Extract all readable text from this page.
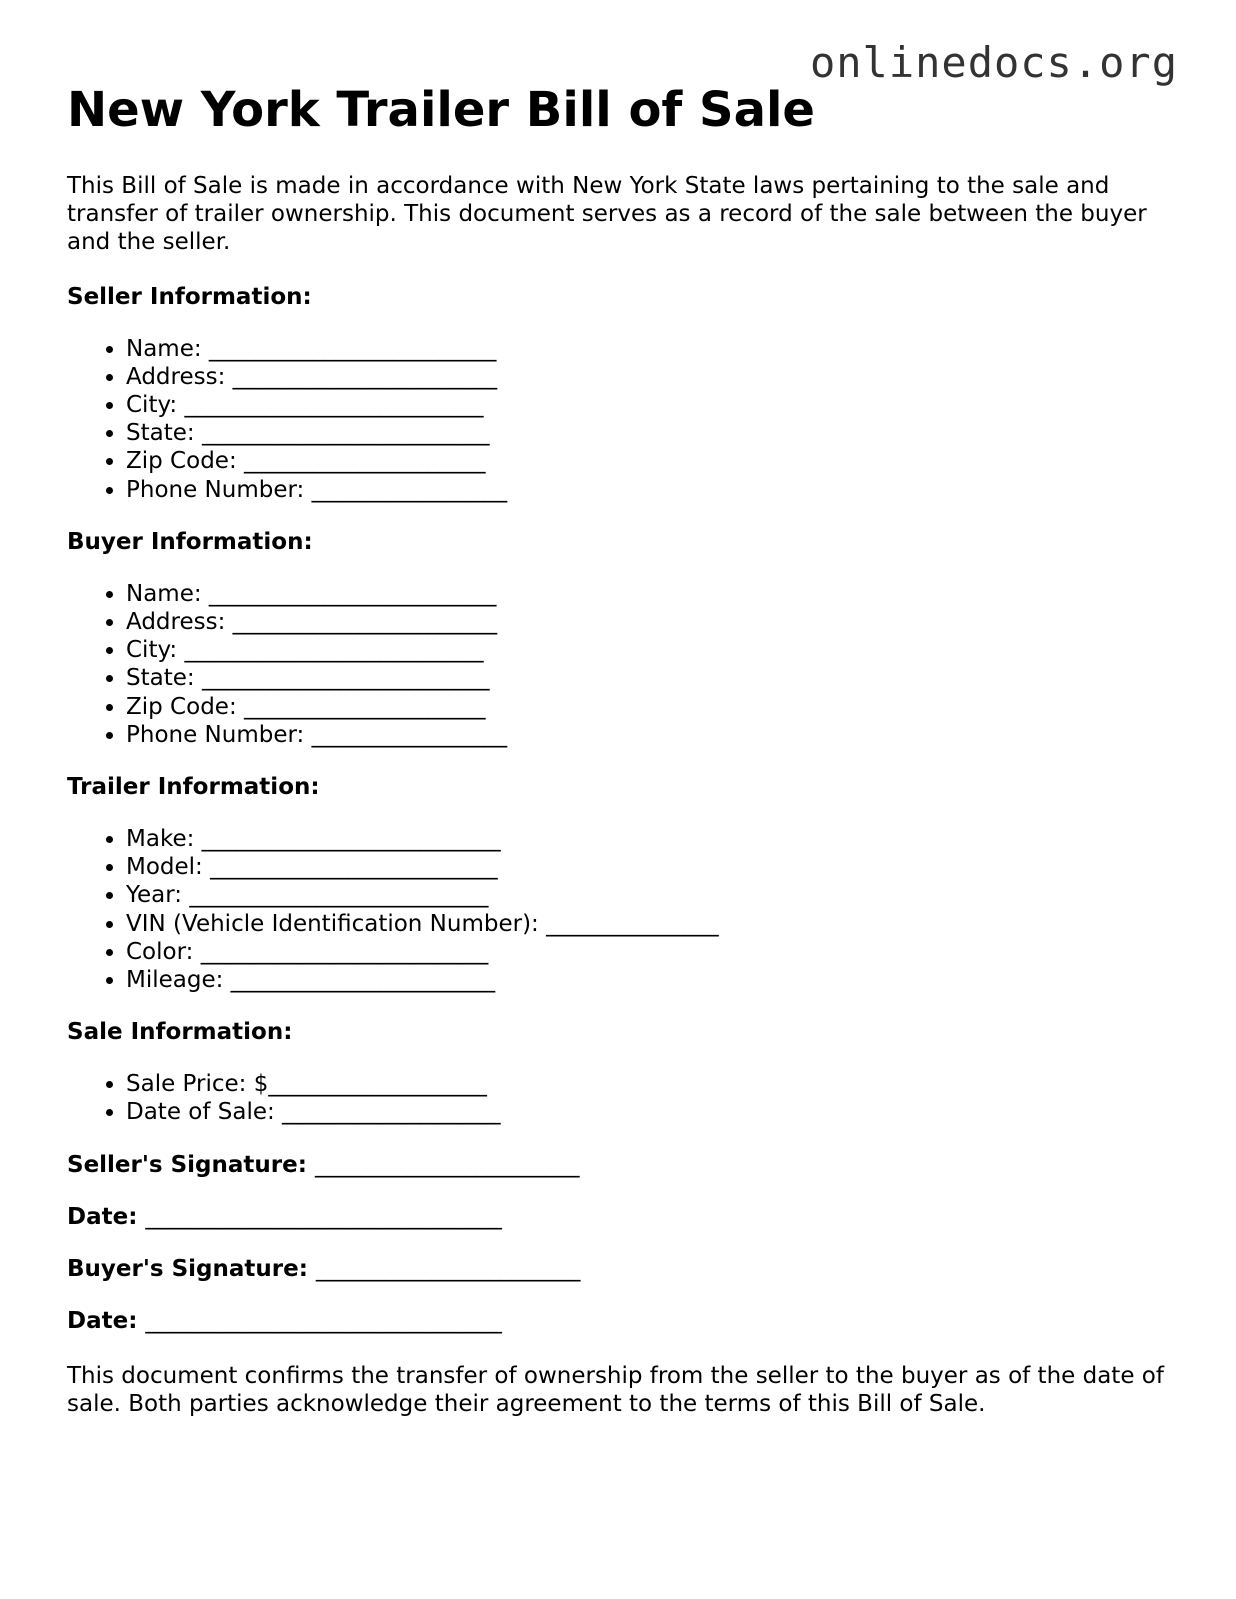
onlinedocs.org

New York Trailer Bill of Sale

This Bill of Sale is made in accordance with New York State laws pertaining to the sale and transfer of trailer ownership. This document serves as a record of the sale between the buyer and the seller.

Seller Information:
• Name: _________________________
• Address: _______________________
• City: __________________________
• State: _________________________
• Zip Code: _____________________
• Phone Number: _________________
Buyer Information:
• Name: _________________________
• Address: _______________________
• City: __________________________
• State: _________________________
• Zip Code: _____________________
• Phone Number: _________________
Trailer Information:
• Make: __________________________
• Model: _________________________
• Year: __________________________
• VIN (Vehicle Identification Number): _______________
• Color: _________________________
• Mileage: _______________________
Sale Information:
• Sale Price: $___________________
• Date of Sale: ___________________
Seller's Signature: _______________________
Date: _______________________________
Buyer's Signature: _______________________
Date: _______________________________

This document confirms the transfer of ownership from the seller to the buyer as of the date of sale. Both parties acknowledge their agreement to the terms of this Bill of Sale.
